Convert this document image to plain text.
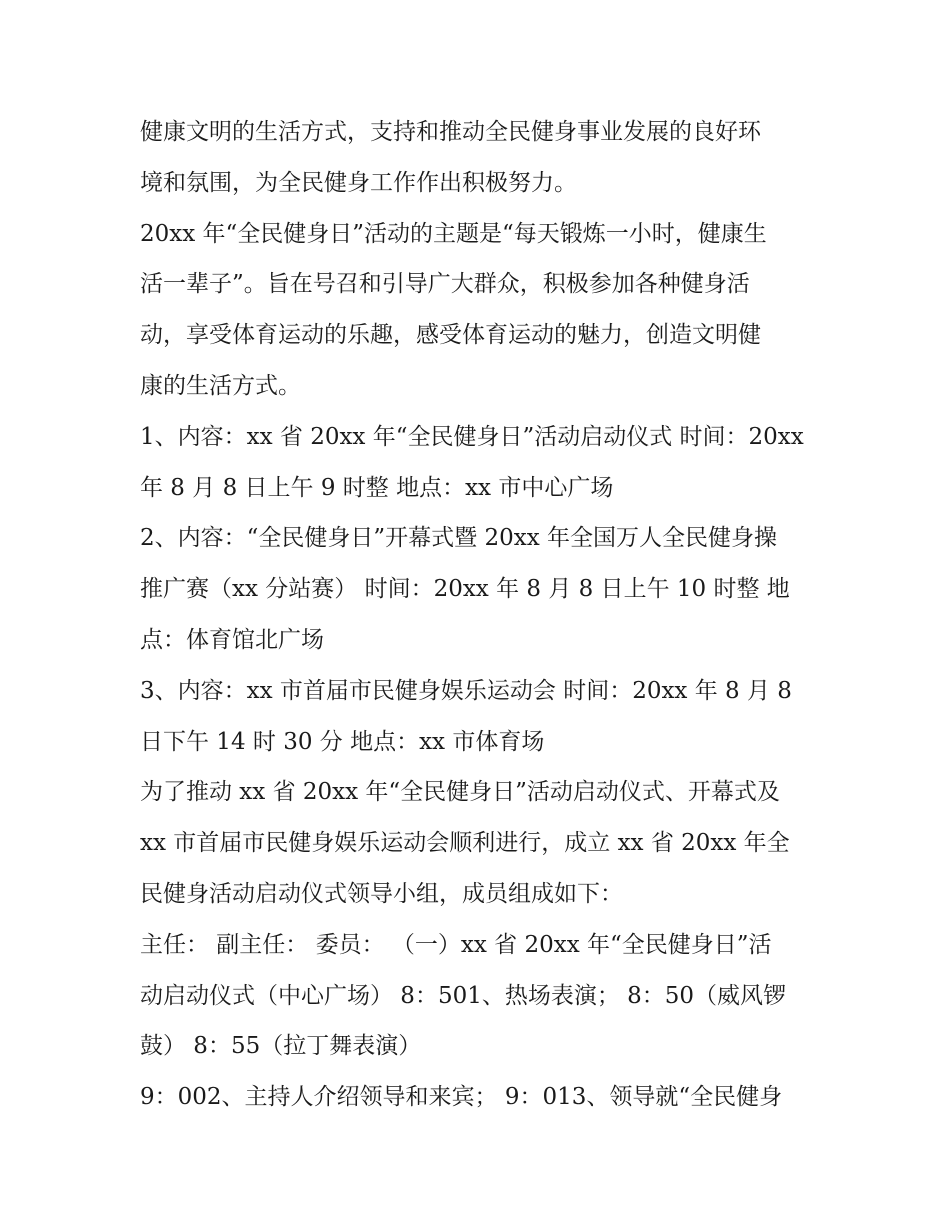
健康文明的生活方式，支持和推动全民健身事业发展的良好环
境和氛围，为全民健身工作作出积极努力。
20xx 年“全民健身日”活动的主题是“每天锻炼一小时，健康生
活一辈子”。旨在号召和引导广大群众，积极参加各种健身活
动，享受体育运动的乐趣，感受体育运动的魅力，创造文明健
康的生活方式。
1、内容：xx 省 20xx 年“全民健身日”活动启动仪式 时间：20xx
年 8 月 8 日上午 9 时整 地点：xx 市中心广场
2、内容：“全民健身日”开幕式暨 20xx 年全国万人全民健身操
推广赛（xx 分站赛） 时间：20xx 年 8 月 8 日上午 10 时整 地
点：体育馆北广场
3、内容：xx 市首届市民健身娱乐运动会 时间：20xx 年 8 月 8
日下午 14 时 30 分 地点：xx 市体育场
为了推动 xx 省 20xx 年“全民健身日”活动启动仪式、开幕式及
xx 市首届市民健身娱乐运动会顺利进行，成立 xx 省 20xx 年全
民健身活动启动仪式领导小组，成员组成如下：
主任： 副主任： 委员： （一）xx 省 20xx 年“全民健身日”活
动启动仪式（中心广场） 8：501、热场表演； 8：50（威风锣
鼓） 8：55（拉丁舞表演）
9：002、主持人介绍领导和来宾； 9：013、领导就“全民健身
